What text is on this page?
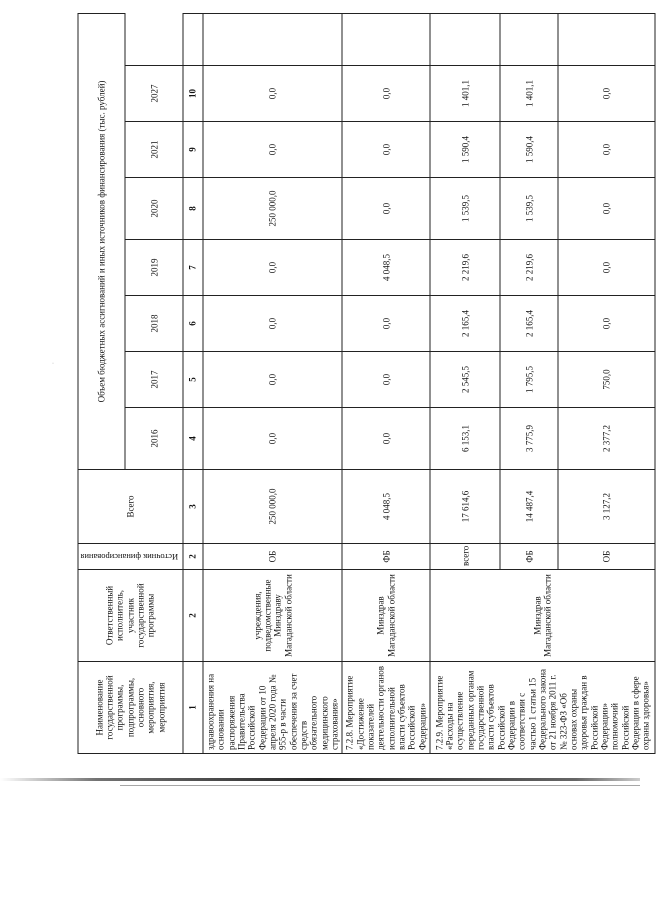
·
Наименование государственной программы, подпрограммы, основного мероприятия, мероприятия	Ответственный исполнитель, участник государственной программы	Источник финансирования	Всего	Объем бюджетных ассигнований и иных источников финансирования (тыс. рублей)							
				2016	2017	2018	2019	2020	2021	2027	
1	2	2	3	4	5	6	7	8	9	10	
здравоохранения на основании распоряжения Правительства Российской Федерации от 10 апреля 2020 года № 955-р в части обеспечения за счет средств обязательного медицинского страхования»	учреждения, подведомственные Минздраву Магаданской области	ОБ	250 000,0	0,0	0,0	0,0	0,0	250 000,0	0,0	0,0	
7.2.8. Мероприятие «Достижение показателей деятельности органов исполнительной власти субъектов Российской Федерации»	Минздрав Магаданской области	ФБ	4 048,5	0,0	0,0	0,0	4 048,5	0,0	0,0	0,0	
7.2.9. Мероприятие «Расходы на осуществление переданных органам государственной власти субъектов Российской Федерации в соответствии с частью 1 статьи 15 Федерального закона от 21 ноября 2011 г. № 323-ФЗ «Об основах охраны здоровья граждан в Российской Федерации» полномочий Российской Федерации в сфере охраны здоровья»	Минздрав Магаданской области	всего	17 614,6	6 153,1	2 545,5	2 165,4	2 219,6	1 539,5	1 590,4	1 401,1	
		ФБ	14 487,4	3 775,9	1 795,5	2 165,4	2 219,6	1 539,5	1 590,4	1 401,1	
		ОБ	3 127,2	2 377,2	750,0	0,0	0,0	0,0	0,0	0,0	
